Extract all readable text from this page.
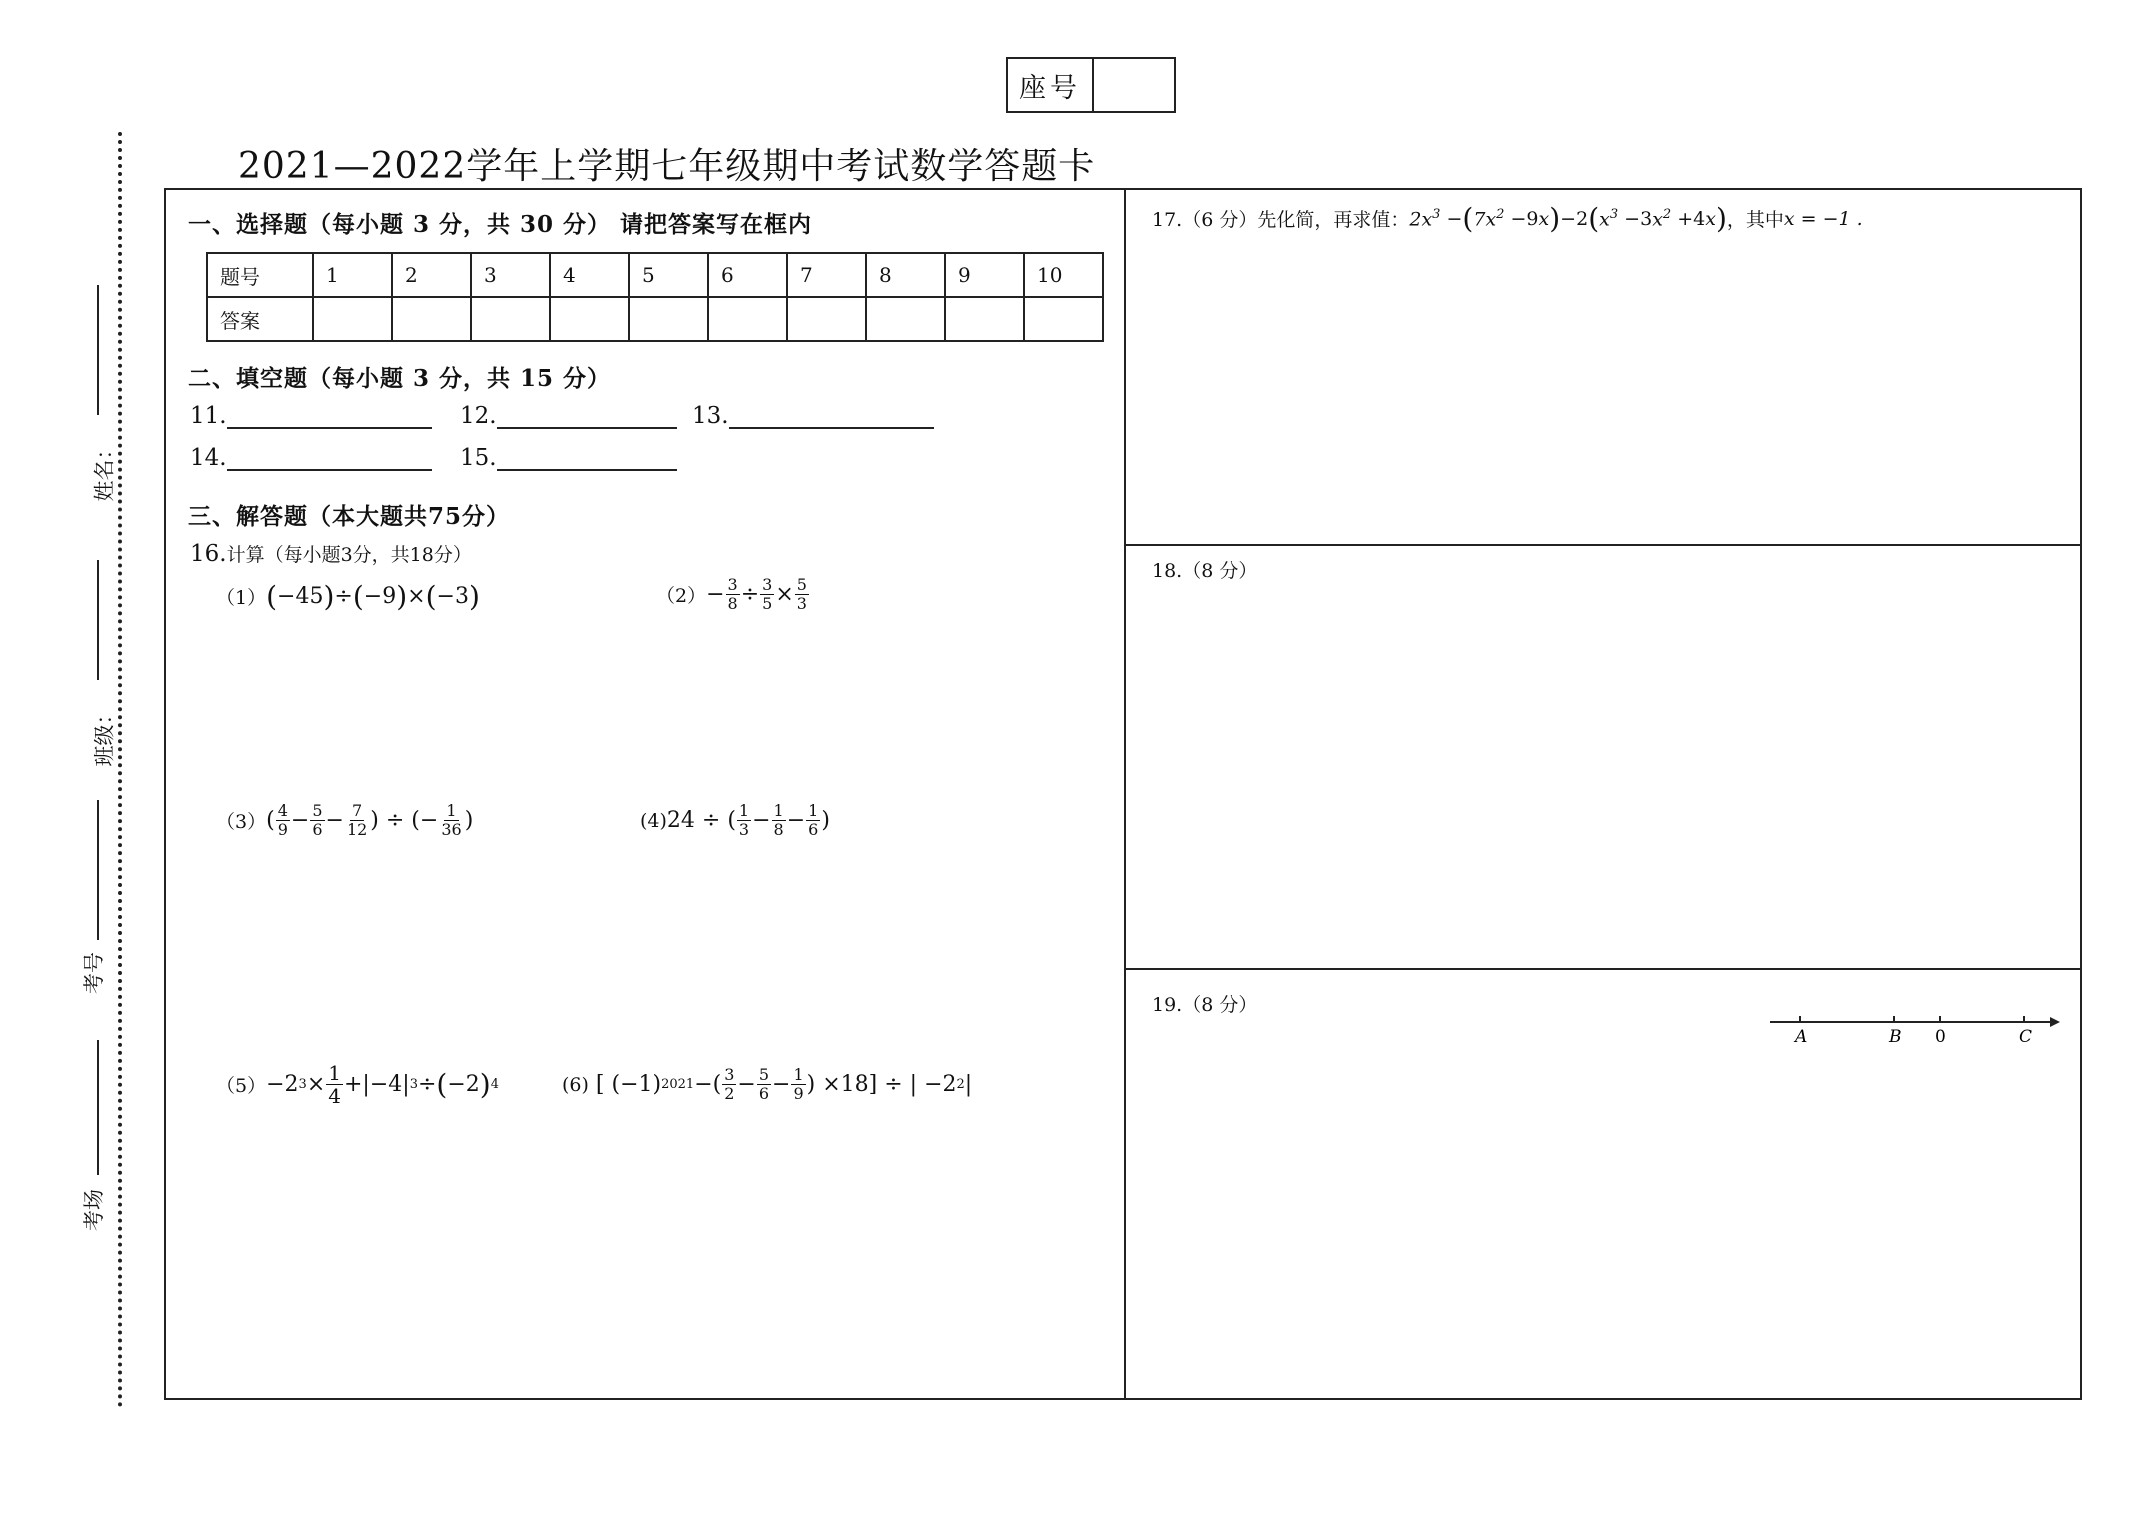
座号
2021—2022学年上学期七年级期中考试数学答题卡
姓名：
班级：
考号
考场
一、选择题（每小题 3 分，共 30 分） 请把答案写在框内
题号	1	2	3	4	5	6	7	8	9	10
答案										
二、填空题（每小题 3 分，共 15 分）
11.	12.	13.
14.	15.
三、解答题（本大题共75分）
16.计算（每小题3分，共18分）
（1） ( −45 ) ÷ ( −9 ) × ( −3 )	$(2) - \frac{3}{8} \div \frac{3}{5} \times \frac{5}{3}$
（3） ( $\frac{4}{9} - \frac{5}{6} - \frac{7}{12}$ ) ÷ (− $\frac{1}{36}$ )	(4) 24 ÷ ( $\frac{1}{3} - \frac{1}{8} - \frac{1}{6}$ )
（5） −2 $3 \times \frac{1}{4} +|-4|$ 3 ÷ ( −2 ) 4	(6) [ (−1) 2021 −( $\frac{3}{2} - \frac{5}{6} - \frac{1}{9}$ ) ×18] ÷ | −2 2 |
17.（6 分）先化简，再求值： $2x^3$ − ( $7x^2 -9$ x ) −2 ( $x^3 -3$ $x^2 +4$ x ) ，其中 x = −1 .
18.（8 分）
19.（8 分）
A	B 0	C
